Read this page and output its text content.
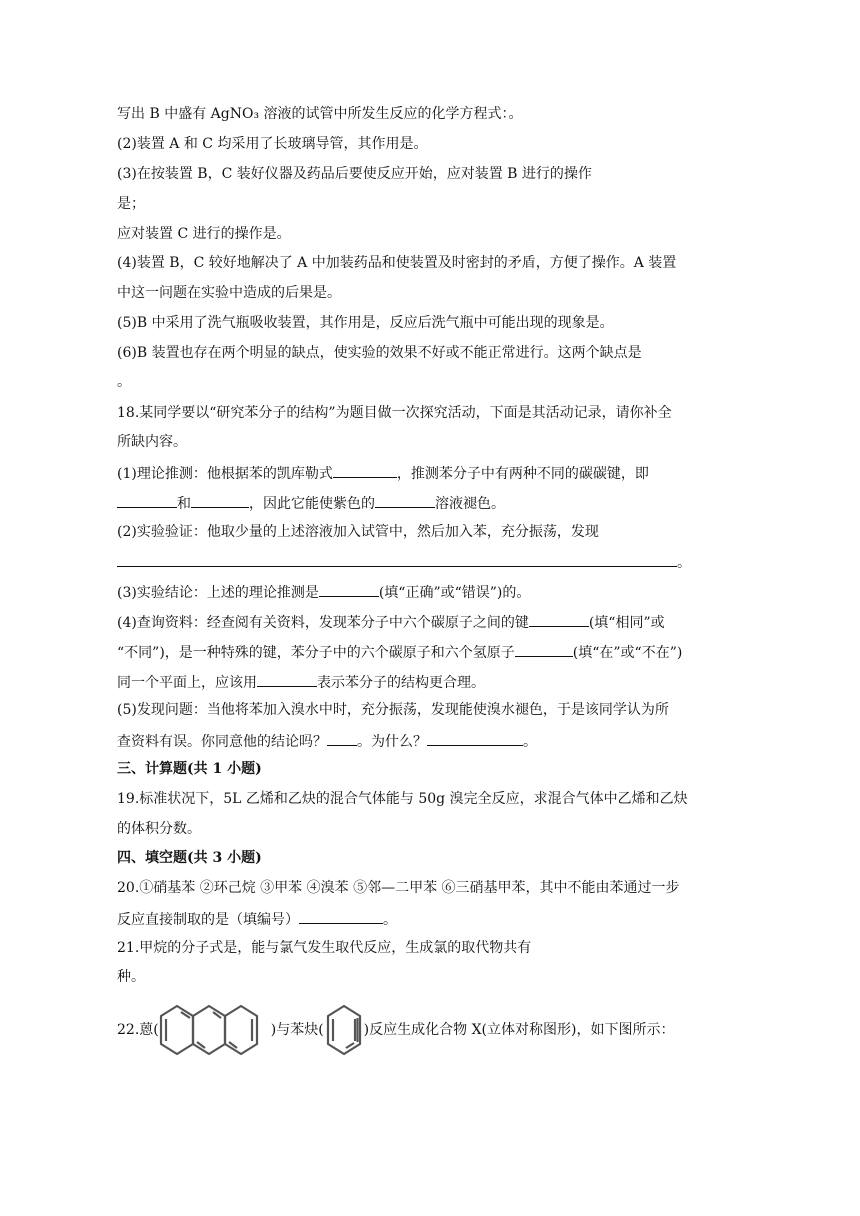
写出 B 中盛有 AgNO₃ 溶液的试管中所发生反应的化学方程式：。
(2)装置 A 和 C 均采用了长玻璃导管，其作用是。
(3)在按装置 B，C 装好仪器及药品后要使反应开始，应对装置 B 进行的操作
是；
应对装置 C 进行的操作是。
(4)装置 B，C 较好地解决了 A 中加装药品和使装置及时密封的矛盾，方便了操作。A 装置
中这一问题在实验中造成的后果是。
(5)B 中采用了洗气瓶吸收装置，其作用是，反应后洗气瓶中可能出现的现象是。
(6)B 装置也存在两个明显的缺点，使实验的效果不好或不能正常进行。这两个缺点是
。
18.某同学要以“研究苯分子的结构”为题目做一次探究活动，下面是其活动记录，请你补全
所缺内容。
(1)理论推测：他根据苯的凯库勒式	，推测苯分子中有两种不同的碳碳键，即
和	，因此它能使紫色的	溶液褪色。
(2)实验验证：他取少量的上述溶液加入试管中，然后加入苯，充分振荡，发现
。
(3)实验结论：上述的理论推测是	(填“正确”或“错误”)的。
(4)查询资料：经查阅有关资料，发现苯分子中六个碳原子之间的键	(填“相同”或
“不同”)，是一种特殊的键，苯分子中的六个碳原子和六个氢原子	(填“在”或“不在”)
同一个平面上，应该用	表示苯分子的结构更合理。
(5)发现问题：当他将苯加入溴水中时，充分振荡，发现能使溴水褪色，于是该同学认为所
查资料有误。你同意他的结论吗？ 。为什么？	。
三、计算题(共 1 小题)
19.标准状况下，5L 乙烯和乙炔的混合气体能与 50g 溴完全反应，求混合气体中乙烯和乙炔
的体积分数。
四、填空题(共 3 小题)
20.①硝基苯 ②环己烷 ③甲苯 ④溴苯 ⑤邻—二甲苯 ⑥三硝基甲苯，其中不能由苯通过一步
反应直接制取的是（填编号）	。
21.甲烷的分子式是，能与氯气发生取代反应，生成氯的取代物共有
种。
22.蒽(	)与苯炔(	)反应生成化合物 X(立体对称图形)，如下图所示：
